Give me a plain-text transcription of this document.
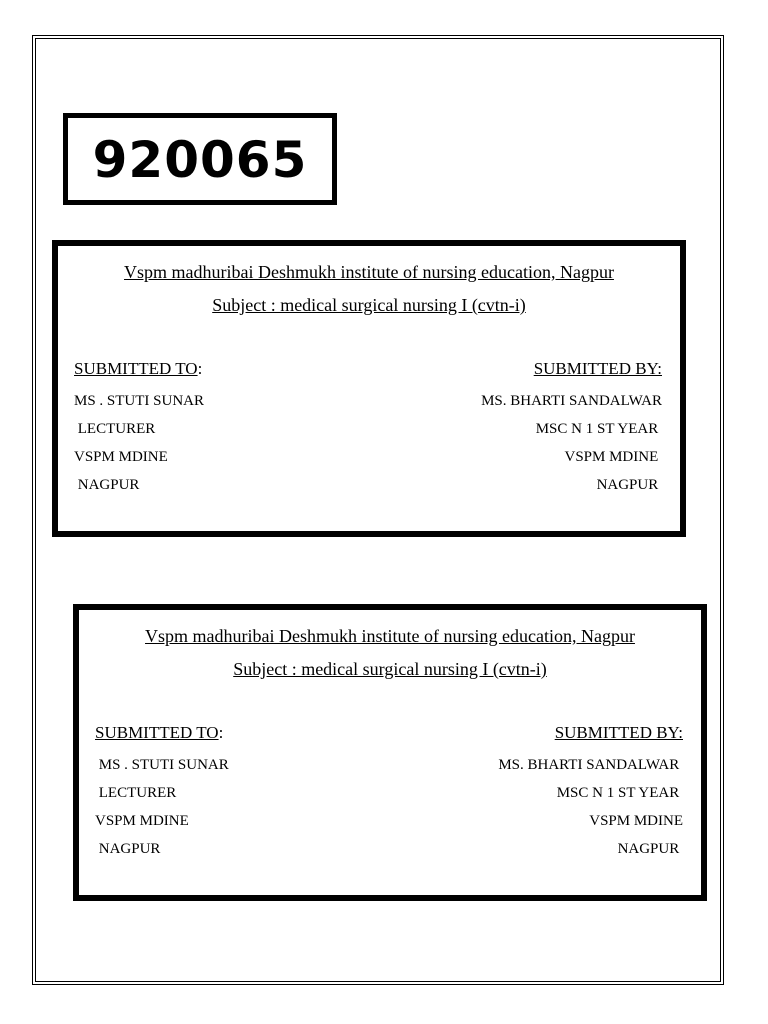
920065
Vspm madhuribai Deshmukh institute of nursing education, Nagpur
Subject : medical surgical nursing I (cvtn-i)
SUBMITTED TO:
MS . STUTI SUNAR
LECTURER
VSPM MDINE
NAGPUR
SUBMITTED BY:
MS. BHARTI SANDALWAR
MSC N 1 ST YEAR
VSPM MDINE
NAGPUR
Vspm madhuribai Deshmukh institute of nursing education, Nagpur
Subject : medical surgical nursing I (cvtn-i)
SUBMITTED TO:
MS . STUTI SUNAR
LECTURER
VSPM MDINE
NAGPUR
SUBMITTED BY:
MS. BHARTI SANDALWAR
MSC N 1 ST YEAR
VSPM MDINE
NAGPUR
